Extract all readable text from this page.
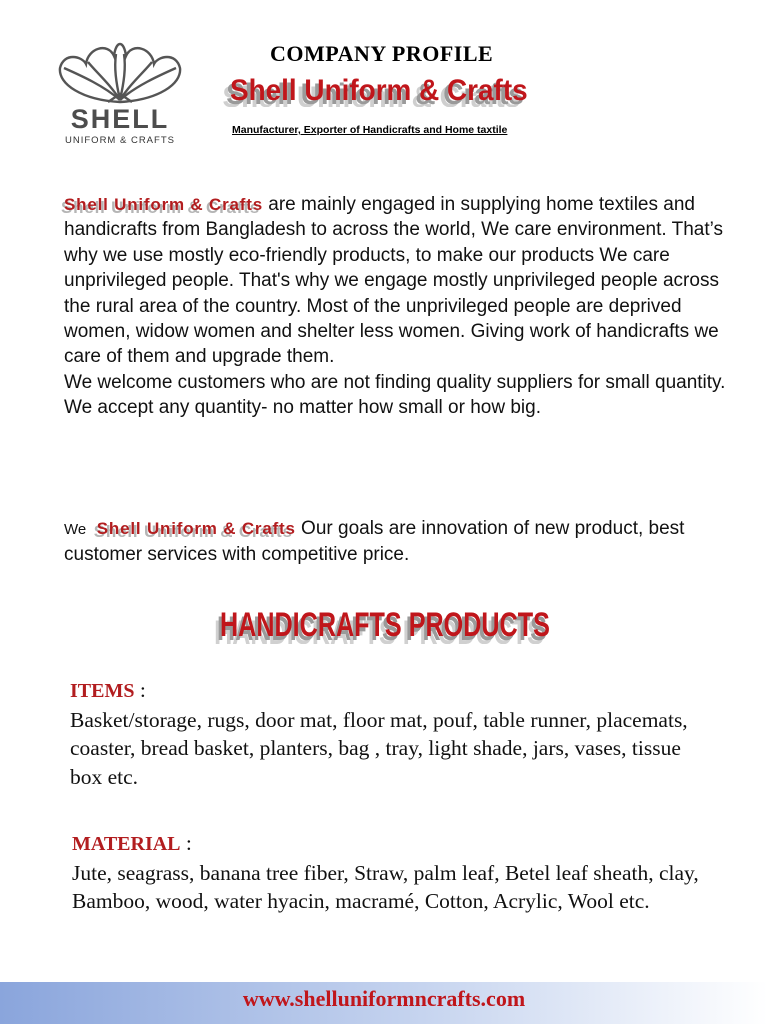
SHELL
UNIFORM & CRAFTS
COMPANY PROFILE
Shell Uniform & Crafts
Manufacturer, Exporter of Handicrafts and Home taxtile
Shell Uniform & Crafts are mainly engaged in supplying home textiles and handicrafts from Bangladesh to across the world, We care environment. That’s why we use mostly eco-friendly products, to make our products We care unprivileged people. That's why we engage mostly unprivileged people across the rural area of the country. Most of the unprivileged people are deprived women, widow women and shelter less women. Giving work of handicrafts we care of them and upgrade them.
We welcome customers who are not finding quality suppliers for small quantity. We accept any quantity- no matter how small or how big.
We Shell Uniform & Crafts Our goals are innovation of new product, best customer services with competitive price.
HANDICRAFTS PRODUCTS
ITEMS :
Basket/storage, rugs, door mat, floor mat, pouf, table runner, placemats, coaster, bread basket, planters, bag , tray, light shade, jars, vases, tissue box etc.
MATERIAL :
Jute, seagrass, banana tree fiber, Straw, palm leaf, Betel leaf sheath, clay, Bamboo, wood, water hyacin, macramé, Cotton, Acrylic, Wool etc.
www.shelluniformncrafts.com
